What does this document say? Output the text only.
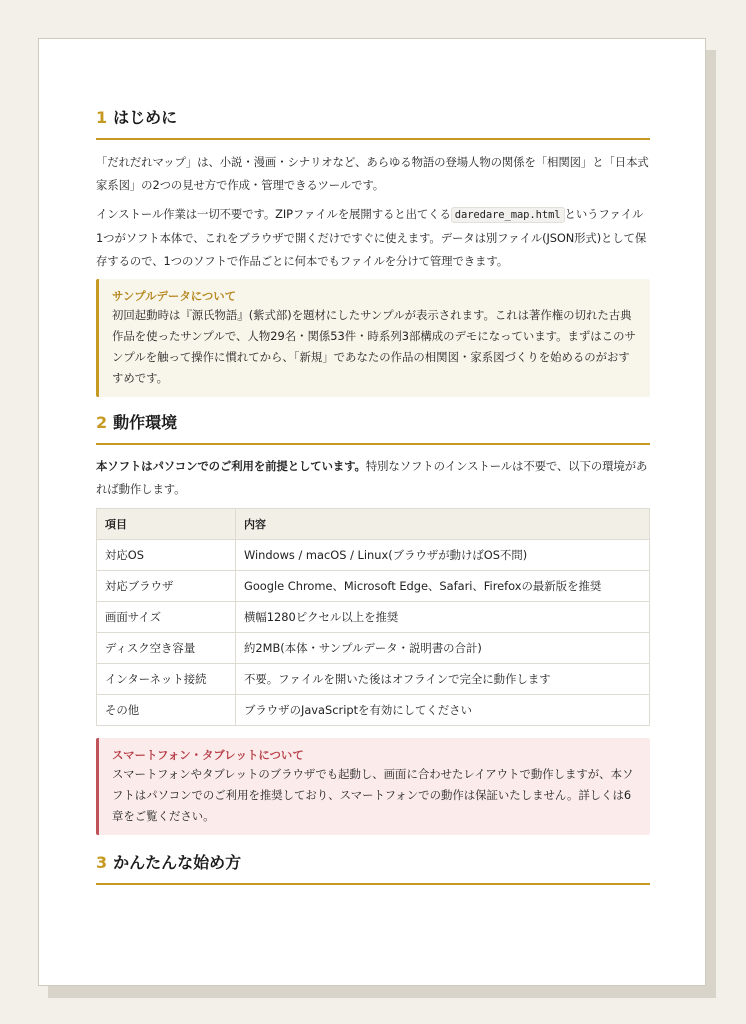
1 はじめに

「だれだれマップ」は、小説・漫画・シナリオなど、あらゆる物語の登場人物の関係を「相関図」と「日本式家系図」の2つの見せ方で作成・管理できるツールです。

インストール作業は一切不要です。ZIPファイルを展開すると出てくる daredare_map.html というファイル1つがソフト本体で、これをブラウザで開くだけですぐに使えます。データは別ファイル(JSON形式)として保存するので、1つのソフトで作品ごとに何本でもファイルを分けて管理できます。

サンプルデータについて
初回起動時は『源氏物語』(紫式部)を題材にしたサンプルが表示されます。これは著作権の切れた古典作品を使ったサンプルで、人物29名・関係53件・時系列3部構成のデモになっています。まずはこのサンプルを触って操作に慣れてから、「新規」であなたの作品の相関図・家系図づくりを始めるのがおすすめです。
2 動作環境

本ソフトはパソコンでのご利用を前提としています。特別なソフトのインストールは不要で、以下の環境があれば動作します。

項目	内容
対応OS	Windows / macOS / Linux(ブラウザが動けばOS不問)
対応ブラウザ	Google Chrome、Microsoft Edge、Safari、Firefoxの最新版を推奨
画面サイズ	横幅1280ピクセル以上を推奨
ディスク空き容量	約2MB(本体・サンプルデータ・説明書の合計)
インターネット接続	不要。ファイルを開いた後はオフラインで完全に動作します
その他	ブラウザのJavaScriptを有効にしてください
スマートフォン・タブレットについて
スマートフォンやタブレットのブラウザでも起動し、画面に合わせたレイアウトで動作しますが、本ソフトはパソコンでのご利用を推奨しており、スマートフォンでの動作は保証いたしません。詳しくは6章をご覧ください。
3 かんたんな始め方
